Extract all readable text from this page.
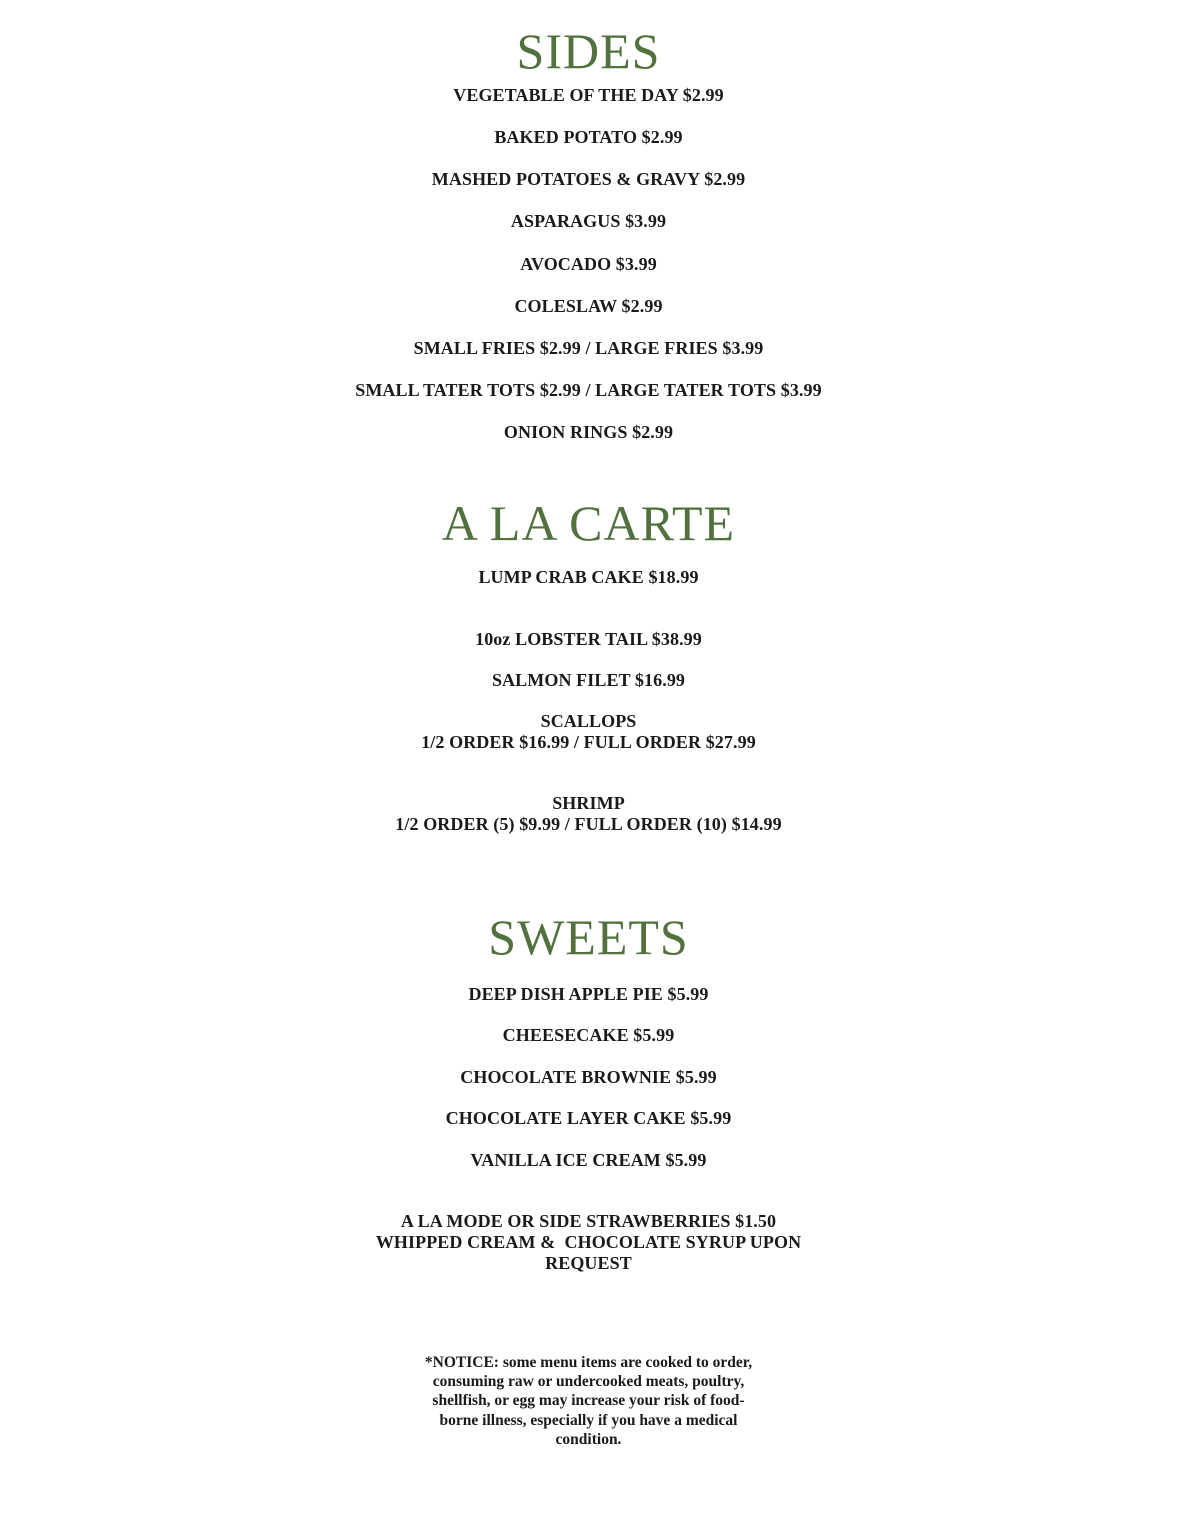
SIDES
VEGETABLE OF THE DAY $2.99
BAKED POTATO $2.99
MASHED POTATOES & GRAVY $2.99
ASPARAGUS $3.99
AVOCADO $3.99
COLESLAW $2.99
SMALL FRIES $2.99 / LARGE FRIES $3.99
SMALL TATER TOTS $2.99 / LARGE TATER TOTS $3.99
ONION RINGS $2.99
A LA CARTE
LUMP CRAB CAKE $18.99
10oz LOBSTER TAIL $38.99
SALMON FILET $16.99
SCALLOPS
1/2 ORDER $16.99 / FULL ORDER $27.99
SHRIMP
1/2 ORDER (5) $9.99 / FULL ORDER (10) $14.99
SWEETS
DEEP DISH APPLE PIE $5.99
CHEESECAKE $5.99
CHOCOLATE BROWNIE $5.99
CHOCOLATE LAYER CAKE $5.99
VANILLA ICE CREAM $5.99
A LA MODE OR SIDE STRAWBERRIES $1.50
WHIPPED CREAM &  CHOCOLATE SYRUP UPON
REQUEST
*NOTICE: some menu items are cooked to order,
consuming raw or undercooked meats, poultry,
shellfish, or egg may increase your risk of food-
borne illness, especially if you have a medical
condition.
